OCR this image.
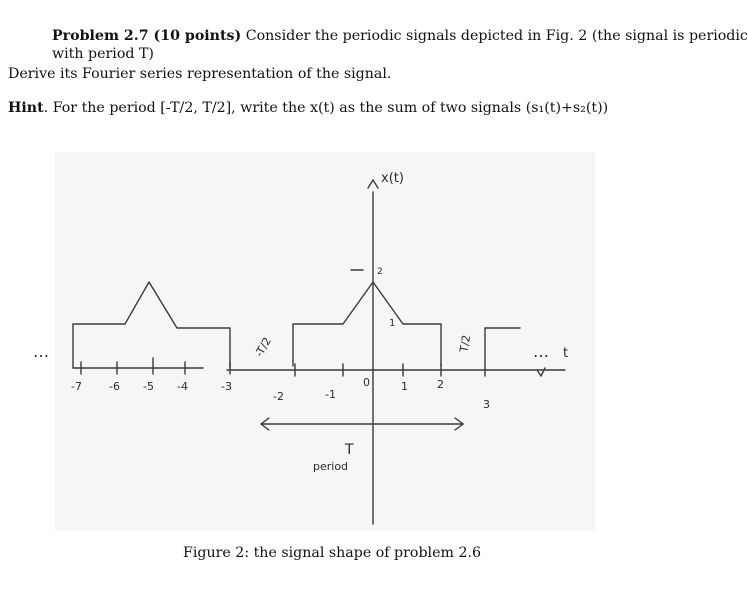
Problem 2.7 (10 points) Consider the periodic signals depicted in Fig. 2 (the signal is periodic
with period T)
Derive its Fourier series representation of the signal.
Hint. For the period [-T/2, T/2], write the x(t) as the sum of two signals (s₁(t)+s₂(t))
x(t)
t
…	…
2
1
-T/2	T/2
-7 -6 -5 -4	-3
-2	-1
0	1	2
3
T
period
Figure 2: the signal shape of problem 2.6
